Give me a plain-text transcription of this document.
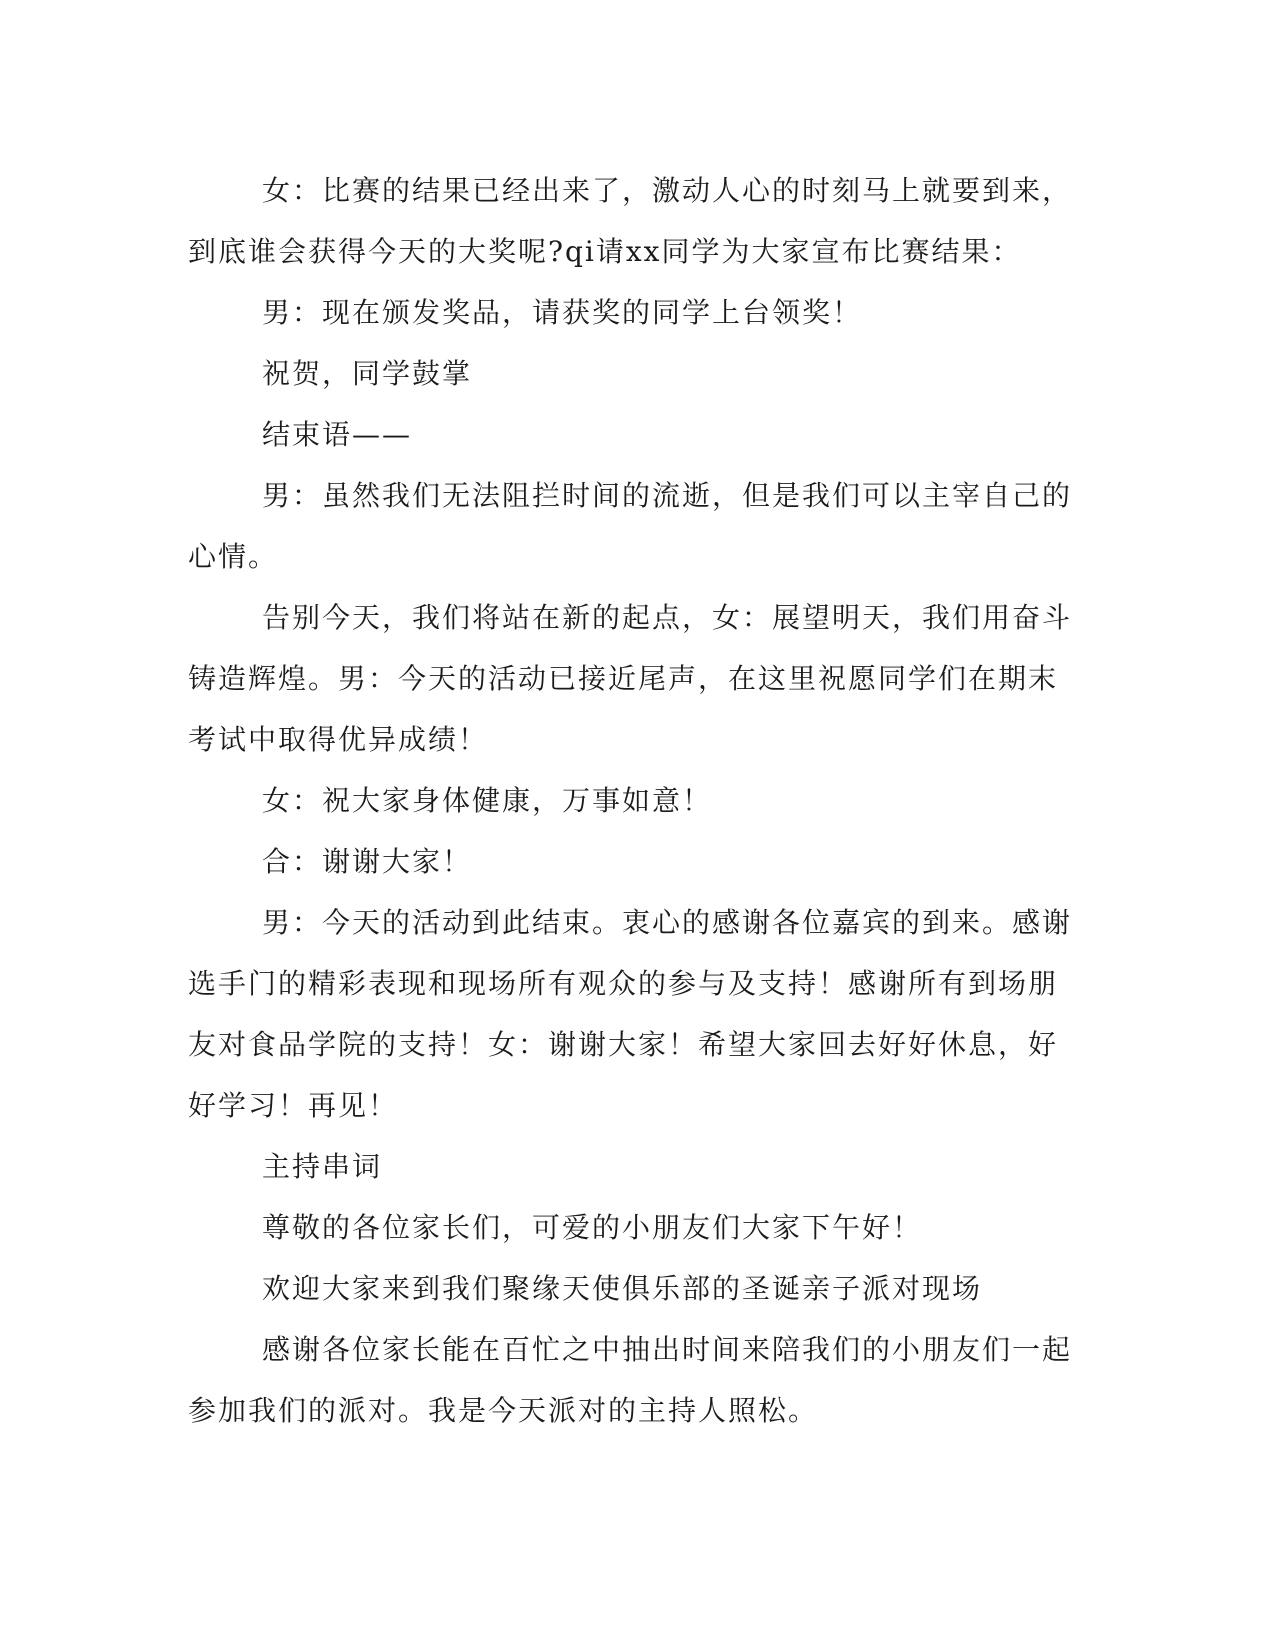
女：比赛的结果已经出来了，激动人心的时刻马上就要到来，到底谁会获得今天的大奖呢?qi请xx同学为大家宣布比赛结果：

男：现在颁发奖品，请获奖的同学上台领奖！

祝贺，同学鼓掌

结束语——

男：虽然我们无法阻拦时间的流逝，但是我们可以主宰自己的心情。

告别今天，我们将站在新的起点，女：展望明天，我们用奋斗铸造辉煌。男：今天的活动已接近尾声，在这里祝愿同学们在期末考试中取得优异成绩！

女：祝大家身体健康，万事如意！

合：谢谢大家！

男：今天的活动到此结束。衷心的感谢各位嘉宾的到来。感谢选手门的精彩表现和现场所有观众的参与及支持！感谢所有到场朋友对食品学院的支持！女：谢谢大家！希望大家回去好好休息，好好学习！再见！

主持串词

尊敬的各位家长们，可爱的小朋友们大家下午好！

欢迎大家来到我们聚缘天使俱乐部的圣诞亲子派对现场

感谢各位家长能在百忙之中抽出时间来陪我们的小朋友们一起参加我们的派对。我是今天派对的主持人照松。
